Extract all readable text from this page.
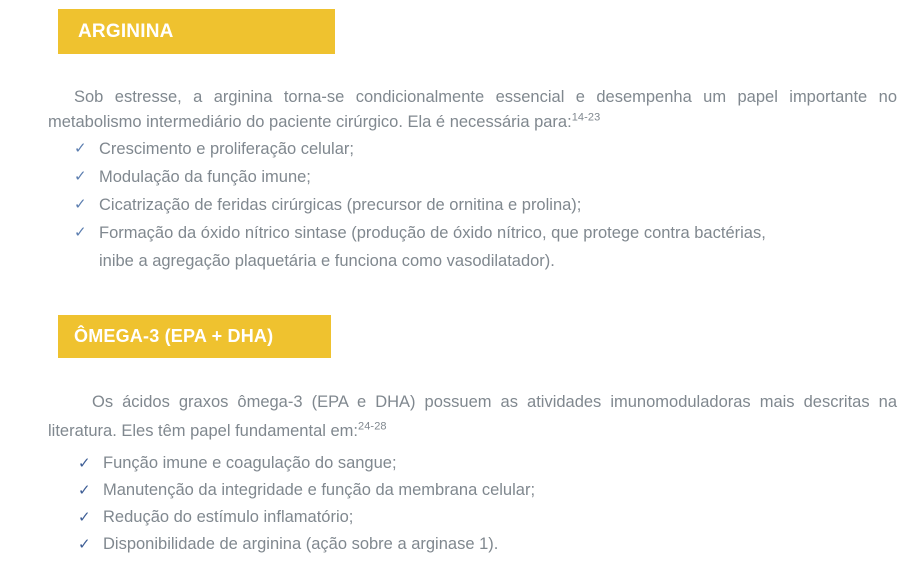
ARGININA

Sob estresse, a arginina torna-se condicionalmente essencial e desempenha um papel importante no metabolismo intermediário do paciente cirúrgico. Ela é necessária para:$^{14-23}$

✓ Crescimento e proliferação celular;
✓ Modulação da função imune;
✓ Cicatrização de feridas cirúrgicas (precursor de ornitina e prolina);
✓ Formação da óxido nítrico sintase (produção de óxido nítrico, que protege contra bactérias,
inibe a agregação plaquetária e funciona como vasodilatador).
ÔMEGA-3 (EPA + DHA)

Os ácidos graxos ômega-3 (EPA e DHA) possuem as atividades imunomoduladoras mais descritas na literatura. Eles têm papel fundamental em:$^{24-28}$

✓ Função imune e coagulação do sangue;
✓ Manutenção da integridade e função da membrana celular;
✓ Redução do estímulo inflamatório;
✓ Disponibilidade de arginina (ação sobre a arginase 1).
